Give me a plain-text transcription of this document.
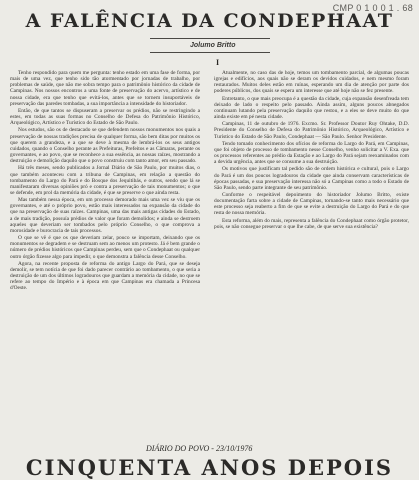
CMP 0 1 0 0 1 . 68
A FALÊNCIA DA CONDEPHAAT
Jolumo Britto
I

Tenho respondido para quem me pergunta: tenho estado em uma fase de forma, por mais de uma vez, que tenho sido tão atormentado por jornadas de trabalho, por problemas de saúde, que não me sobra tempo para o patrimônio histórico da cidade de Campinas. Nos nossos encontros a uma fonte de preservação do acervo, artístico e de nossa cidade, era que tenho que evitá-los, antes que se tornem insuportáveis de preservação das paredes tombadas, a sua importância a intensidade do historiador.

Então, de que tantos se dispuseram a preservar os prédios, não se restringindo a estes, em todas as suas formas no Conselho de Defesa do Patrimônio Histórico, Arqueológico, Artístico e Turístico do Estado de São Paulo.

Nos estudos, são os de destacado se que defendem nossos monumentos nos quais a preservação de nossas tradições precisa de qualquer forma, são bem ditas por muitos os que querem a grandeza, e a que se deve à mesma de lembrá-los os seus antigos cuidados, quando o Conselho perante as Prefeituras, Prefeitos e as Câmaras, perante os governantes, e ao povo, que se reconhece a sua essência, as nossas raízes, mostrando a destruição e demolição daquilo que o povo construiu com tanto amor, em seu passado.

Há três meses, sendo publicados a Jornal Diário de São Paulo, por muitos dias, o que também aconteceu com a tribuna de Campinas, em relação a questão do tombamento do Largo do Pará e do Bosque dos Jequitibás, e outros, sendo que lá se manifestaram diversas opiniões pró e contra a preservação de tais monumentos; o que se defende, em prol da memória da cidade, é que se preserve o que ainda resta.

Mas também nessa época, em um processo demorado mais uma vez se viu que os governantes, e até o próprio povo, estão mais interessados na expansão da cidade do que na preservação de suas raízes. Campinas, uma das mais antigas cidades do Estado, a de mais tradição, possuía prédios de valor que foram demolidos; e ainda se destroem aqueles que deveriam ser tombados pelo próprio Conselho, o que comprova a morosidade e burocracia de tais processos.

O que se vê é que os que deveriam zelar, pouco se importam, deixando que os monumentos se degradem e se destruam sem ao menos um protesto. Já é bem grande o número de prédios históricos que Campinas perdeu, sem que o Condephaat ou qualquer outro órgão fizesse algo para impedir, o que demonstra a falência desse Conselho.

Agora, na recente proposta de reforma do antigo Largo do Pará, que se deseja demolir, se tem notícia de que foi dado parecer contrário ao tombamento, o que seria a destruição de um dos últimos logradouros que guardam a memória da cidade, no que se refere ao tempo do Império e à época em que Campinas era chamada a Princesa d'Oeste.

Atualmente, no caso das de hoje, temos um tombamento parcial, de algumas poucas igrejas e edifícios, aos quais não se deram os devidos cuidados, e nem mesmo foram restaurados. Muitos deles estão em ruínas, esperando um dia de atenção por parte dos poderes públicos, dos quais se espera um interesse que até hoje não se fez presente.

Entretanto, o que mais preocupa é a questão da cidade, cuja expansão desenfreada tem deixado de lado o respeito pelo passado. Ainda assim, alguns poucos abnegados continuam lutando pela preservação daquilo que restou, e a eles se deve muito do que ainda existe em pé nesta cidade.

Campinas, 11 de outubro de 1976. Excmo. Sr. Professor Doutor Ruy Ohtake, D.D. Presidente do Conselho de Defesa do Patrimônio Histórico, Arqueológico, Artístico e Turístico do Estado de São Paulo, Condephaat — São Paulo. Senhor Presidente.

Tendo tomado conhecimento dos ofícios de reforma do Largo do Pará, em Campinas, que foi objeto de processo de tombamento nesse Conselho, venho solicitar a V. Exa. que os processos referentes ao prédio da Estação e ao Largo do Pará sejam reexaminados com a devida urgência, antes que se consume a sua destruição.

Os motivos que justificam tal pedido são de ordem histórica e cultural, pois o Largo do Pará é um dos poucos logradouros da cidade que ainda conservam características de épocas passadas, e sua preservação interessa não só a Campinas como a todo o Estado de São Paulo, sendo parte integrante de seu patrimônio.

Conforme o respeitável depoimento do historiador Jolumo Britto, existe documentação farta sobre a cidade de Campinas, tornando-se tanto mais necessário que este processo seja reaberto a fim de que se evite a destruição do Largo do Pará e do que resta de nossa memória.

Esta reforma, além do mais, representa a falência do Condephaat como órgão protetor, pois, se não consegue preservar o que lhe cabe, de que serve sua existência?

DIÁRIO DO POVO - 23/10/1976
CINQUENTA ANOS DEPOIS
